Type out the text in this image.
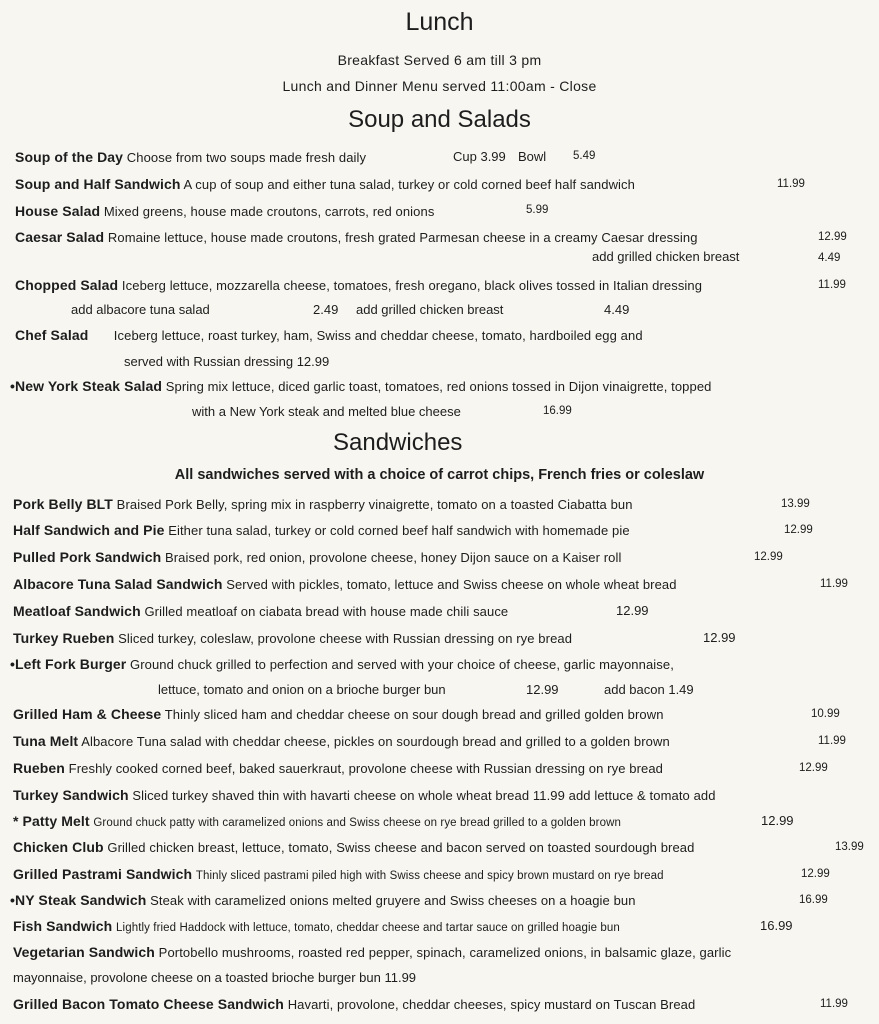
Lunch
Breakfast Served 6 am till 3 pm
Lunch and Dinner Menu served 11:00am - Close
Soup and Salads
Soup of the Day Choose from two soups made fresh daily	Cup 3.99 Bowl 5.49
Soup and Half Sandwich A cup of soup and either tuna salad, turkey or cold corned beef half sandwich	11.99
House Salad Mixed greens, house made croutons, carrots, red onions	5.99
Caesar Salad Romaine lettuce, house made croutons, fresh grated Parmesan cheese in a creamy Caesar dressing	12.99
add grilled chicken breast	4.49
Chopped Salad Iceberg lettuce, mozzarella cheese, tomatoes, fresh oregano, black olives tossed in Italian dressing	11.99
add albacore tuna salad	2.49 add grilled chicken breast	4.49
Chef Salad Iceberg lettuce, roast turkey, ham, Swiss and cheddar cheese, tomato, hardboiled egg and
served with Russian dressing 12.99
•New York Steak Salad Spring mix lettuce, diced garlic toast, tomatoes, red onions tossed in Dijon vinaigrette, topped
with a New York steak and melted blue cheese	16.99
Sandwiches
All sandwiches served with a choice of carrot chips, French fries or coleslaw
Pork Belly BLT Braised Pork Belly, spring mix in raspberry vinaigrette, tomato on a toasted Ciabatta bun	13.99
Half Sandwich and Pie Either tuna salad, turkey or cold corned beef half sandwich with homemade pie	12.99
Pulled Pork Sandwich Braised pork, red onion, provolone cheese, honey Dijon sauce on a Kaiser roll	12.99
Albacore Tuna Salad Sandwich Served with pickles, tomato, lettuce and Swiss cheese on whole wheat bread	11.99
Meatloaf Sandwich Grilled meatloaf on ciabata bread with house made chili sauce	12.99
Turkey Rueben Sliced turkey, coleslaw, provolone cheese with Russian dressing on rye bread	12.99
•Left Fork Burger Ground chuck grilled to perfection and served with your choice of cheese, garlic mayonnaise,
lettuce, tomato and onion on a brioche burger bun	12.99	add bacon 1.49
Grilled Ham & Cheese Thinly sliced ham and cheddar cheese on sour dough bread and grilled golden brown	10.99
Tuna Melt Albacore Tuna salad with cheddar cheese, pickles on sourdough bread and grilled to a golden brown	11.99
Rueben Freshly cooked corned beef, baked sauerkraut, provolone cheese with Russian dressing on rye bread	12.99
Turkey Sandwich Sliced turkey shaved thin with havarti cheese on whole wheat bread 11.99 add lettuce & tomato add
* Patty Melt Ground chuck patty with caramelized onions and Swiss cheese on rye bread grilled to a golden brown	12.99
Chicken Club Grilled chicken breast, lettuce, tomato, Swiss cheese and bacon served on toasted sourdough bread	13.99
Grilled Pastrami Sandwich Thinly sliced pastrami piled high with Swiss cheese and spicy brown mustard on rye bread	12.99
•NY Steak Sandwich Steak with caramelized onions melted gruyere and Swiss cheeses on a hoagie bun	16.99
Fish Sandwich Lightly fried Haddock with lettuce, tomato, cheddar cheese and tartar sauce on grilled hoagie bun	16.99
Vegetarian Sandwich Portobello mushrooms, roasted red pepper, spinach, caramelized onions, in balsamic glaze, garlic
mayonnaise, provolone cheese on a toasted brioche burger bun 11.99
Grilled Bacon Tomato Cheese Sandwich Havarti, provolone, cheddar cheeses, spicy mustard on Tuscan Bread	11.99
